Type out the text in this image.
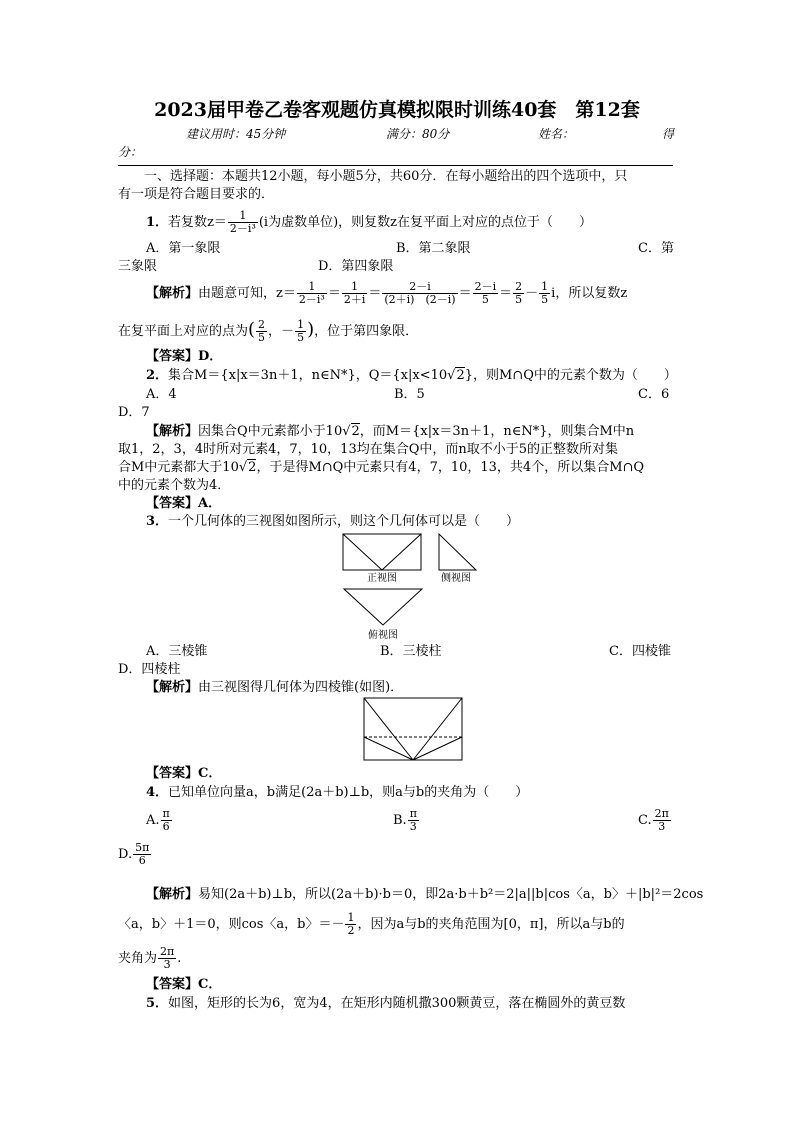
2023届甲卷乙卷客观题仿真模拟限时训练40套　第12套
建议用时：45分钟	满分：80分	姓名：	得
分：
一、选择题：本题共12小题，每小题5分，共60分．在每小题给出的四个选项中，只
有一项是符合题目要求的．
1．若复数$z= \frac{1}{\text{2－i³}} (i$为虚数单位)，则复数z在复平面上对应的点位于（　　）
A．第一象限	B．第二象限	C．第
三象限	D．第四象限
【解析】由题意可知，$z= \frac{1}{\text{2－i³}} = \frac{1}{2+i} = \frac{2-i}{(2+i) (2-i)} = \frac{2-i}{5} = \frac{2}{5} - \frac{1}{5}$ i，所以复数z
在复平面上对应的点为( $\frac{2}{5}$ ，－ $\frac{1}{5}$ )，位于第四象限．
【答案】D．
2．集合M＝{x|x＝3n＋1，n∈N*}，Q＝{x|x<10√2}，则M∩Q中的元素个数为（　　）
A．4	B．5	C．6
D．7
【解析】因集合Q中元素都小于10√2，而M＝{x|x＝3n＋1，n∈N*}，则集合M中n
取1，2，3，4时所对元素4，7，10，13均在集合Q中，而n取不小于5的正整数所对集
合M中元素都大于10√2，于是得M∩Q中元素只有4，7，10，13，共4个，所以集合M∩Q
中的元素个数为4．
【答案】A．
3．一个几何体的三视图如图所示，则这个几何体可以是（　　）
正视图	侧视图
俯视图
A．三棱锥	B．三棱柱	C．四棱锥
D．四棱柱
【解析】由三视图得几何体为四棱锥(如图)．
【答案】C．
4．已知单位向量a，b满足(2a＋b)⊥b，则a与b的夹角为（　　）
A. $\frac{\pi}{6}$	B. $\frac{\pi}{3}$	C. $\frac{2\pi}{3}$
D. $\frac{5\pi}{6}$
【解析】易知(2a＋b)⊥b，所以(2a＋b)·b＝0，即2a·b＋b²＝2|a||b|cos〈a，b〉＋|b|²＝2cos
〈a，b〉＋1＝0，则cos〈a，b〉＝－ $\frac{1}{2}$ ，因为a与b的夹角范围为[0，π]，所以a与b的
夹角为 $\frac{2\pi}{3}$ .
【答案】C．
5．如图，矩形的长为6，宽为4，在矩形内随机撒300颗黄豆，落在椭圆外的黄豆数
